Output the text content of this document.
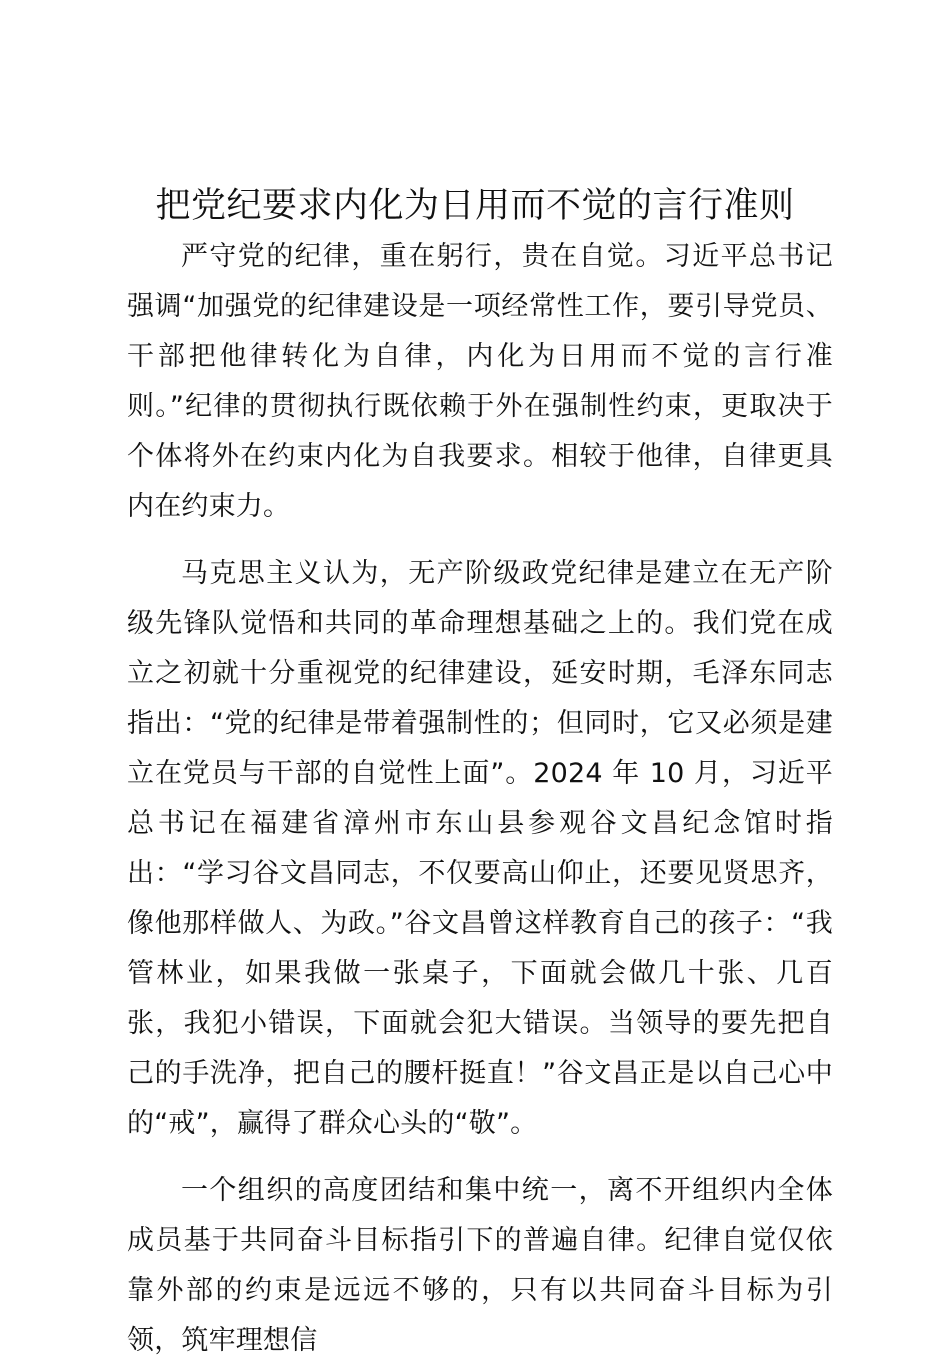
把党纪要求内化为日用而不觉的言行准则

严守党的纪律，重在躬行，贵在自觉。习近平总书记强调“加强党的纪律建设是一项经常性工作，要引导党员、干部把他律转化为自律，内化为日用而不觉的言行准则。”纪律的贯彻执行既依赖于外在强制性约束，更取决于个体将外在约束内化为自我要求。相较于他律，自律更具内在约束力。

马克思主义认为，无产阶级政党纪律是建立在无产阶级先锋队觉悟和共同的革命理想基础之上的。我们党在成立之初就十分重视党的纪律建设，延安时期，毛泽东同志指出：“党的纪律是带着强制性的；但同时，它又必须是建立在党员与干部的自觉性上面”。2024 年 10 月，习近平总书记在福建省漳州市东山县参观谷文昌纪念馆时指出：“学习谷文昌同志，不仅要高山仰止，还要见贤思齐，像他那样做人、为政。”谷文昌曾这样教育自己的孩子：“我管林业，如果我做一张桌子，下面就会做几十张、几百张，我犯小错误，下面就会犯大错误。当领导的要先把自己的手洗净，把自己的腰杆挺直！”谷文昌正是以自己心中的“戒”，赢得了群众心头的“敬”。

一个组织的高度团结和集中统一，离不开组织内全体成员基于共同奋斗目标指引下的普遍自律。纪律自觉仅依靠外部的约束是远远不够的，只有以共同奋斗目标为引领，筑牢理想信
